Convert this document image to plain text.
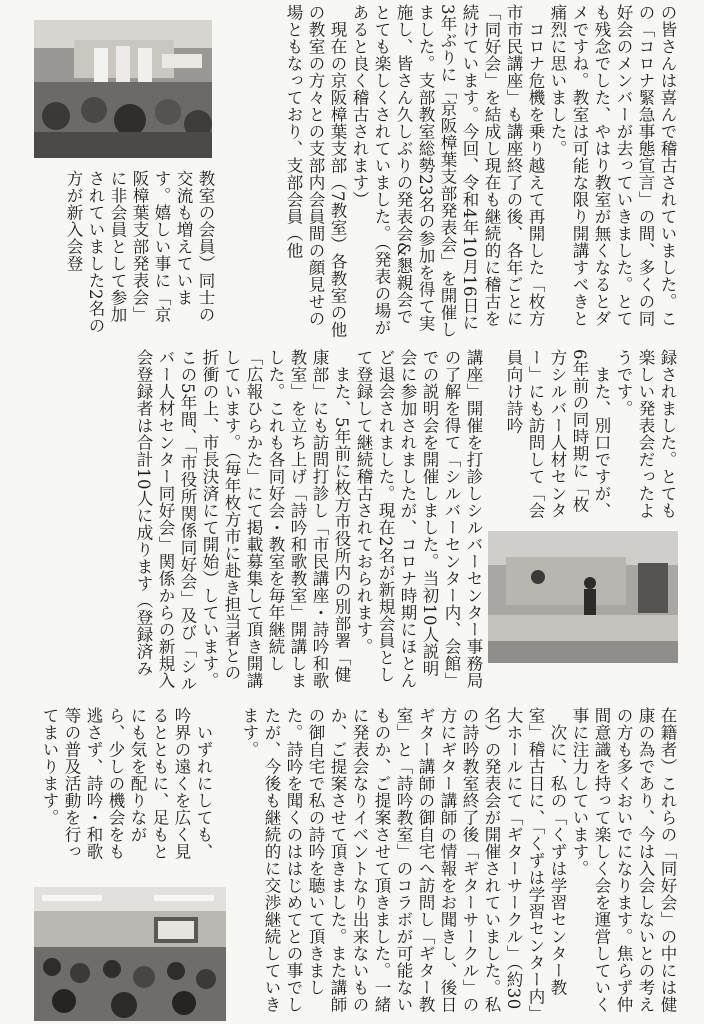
の皆さんは喜んで稽古されていました。この「コロナ緊急事態宣言」の間、多くの同好会のメンバーが去っていきました。とても残念でした、やはり教室が無くなるとダメですね。教室は可能な限り開講すべきと痛烈に思いました。
コロナ危機を乗り越えて再開した「枚方市市民講座」も講座終了の後、各年ごとに「同好会」を結成し現在も継続的に稽古を続けています。今回、令和4年10月16日に3年ぶりに「京阪樟葉支部発表会」を開催しました。支部教室総勢23名の参加を得て実施し、皆さん久しぶりの発表会&懇親会でとても楽しくされていました。（発表の場があると良く稽古されます）
現在の京阪樟葉支部（7教室）各教室の他の教室の方々との支部内会員間の顔見せの場ともなっており、支部会員（他
教室の会員）同士の交流も増えています。嬉しい事に「京阪樟葉支部発表会」に非会員として参加されていました2名の方が新入会登
録されました。とても楽しい発表会だったようです。
また、別口ですが、6年前の同時期に「枚方シルバー人材センター」にも訪問して「会員向け詩吟
講座」開催を打診しシルバーセンター事務局の了解を得て「シルバーセンター内、会館」での説明会を開催しました。当初10人説明会に参加されましたが、コロナ時期にほとんど退会されました。現在2名が新規会員として登録して継続稽古されておられます。
また、5年前に枚方市役所内の別部署「健康部」にも訪問打診し「市民講座・詩吟和歌教室」を立ち上げ「詩吟和歌教室」開講しました。これも各同好会・教室を毎年継続し「広報ひらかた」にて掲載募集して頂き開講しています。（毎年枚方市に赴き担当者との折衝の上、市長決済にて開始）しています。この5年間、「市役所関係同好会」及び「シルバー人材センター同好会」関係からの新規入会登録者は合計10人に成ります（登録済み
在籍者）これらの「同好会」の中には健康の為であり、今は入会しないとの考えの方も多くおいでになります。焦らず仲間意識を持って楽しく会を運営していく事に注力しています。
次に、私の「くずは学習センター教室」稽古日に、「くずは学習センター内」大ホールにて「ギターサークル」（約30名）の発表会が開催されていました。私の詩吟教室終了後「ギターサークル」の方にギター講師の情報をお聞きし、後日ギター講師の御自宅へ訪問し「ギター教室」と「詩吟教室」のコラボが可能ないものか、ご提案させて頂きました。一緒に発表会なりイベントなり出来ないものか、ご提案させて頂きました。また講師の御自宅で私の詩吟を聴いて頂きました。詩吟を聞くのははじめてとの事でしたが、今後も継続的に交渉継続していきます。
いずれにしても、吟界の遠くを広く見るとともに、足もとにも気を配りながら、少しの機会をも逃さず、詩吟・和歌等の普及活動を行ってまいります。
